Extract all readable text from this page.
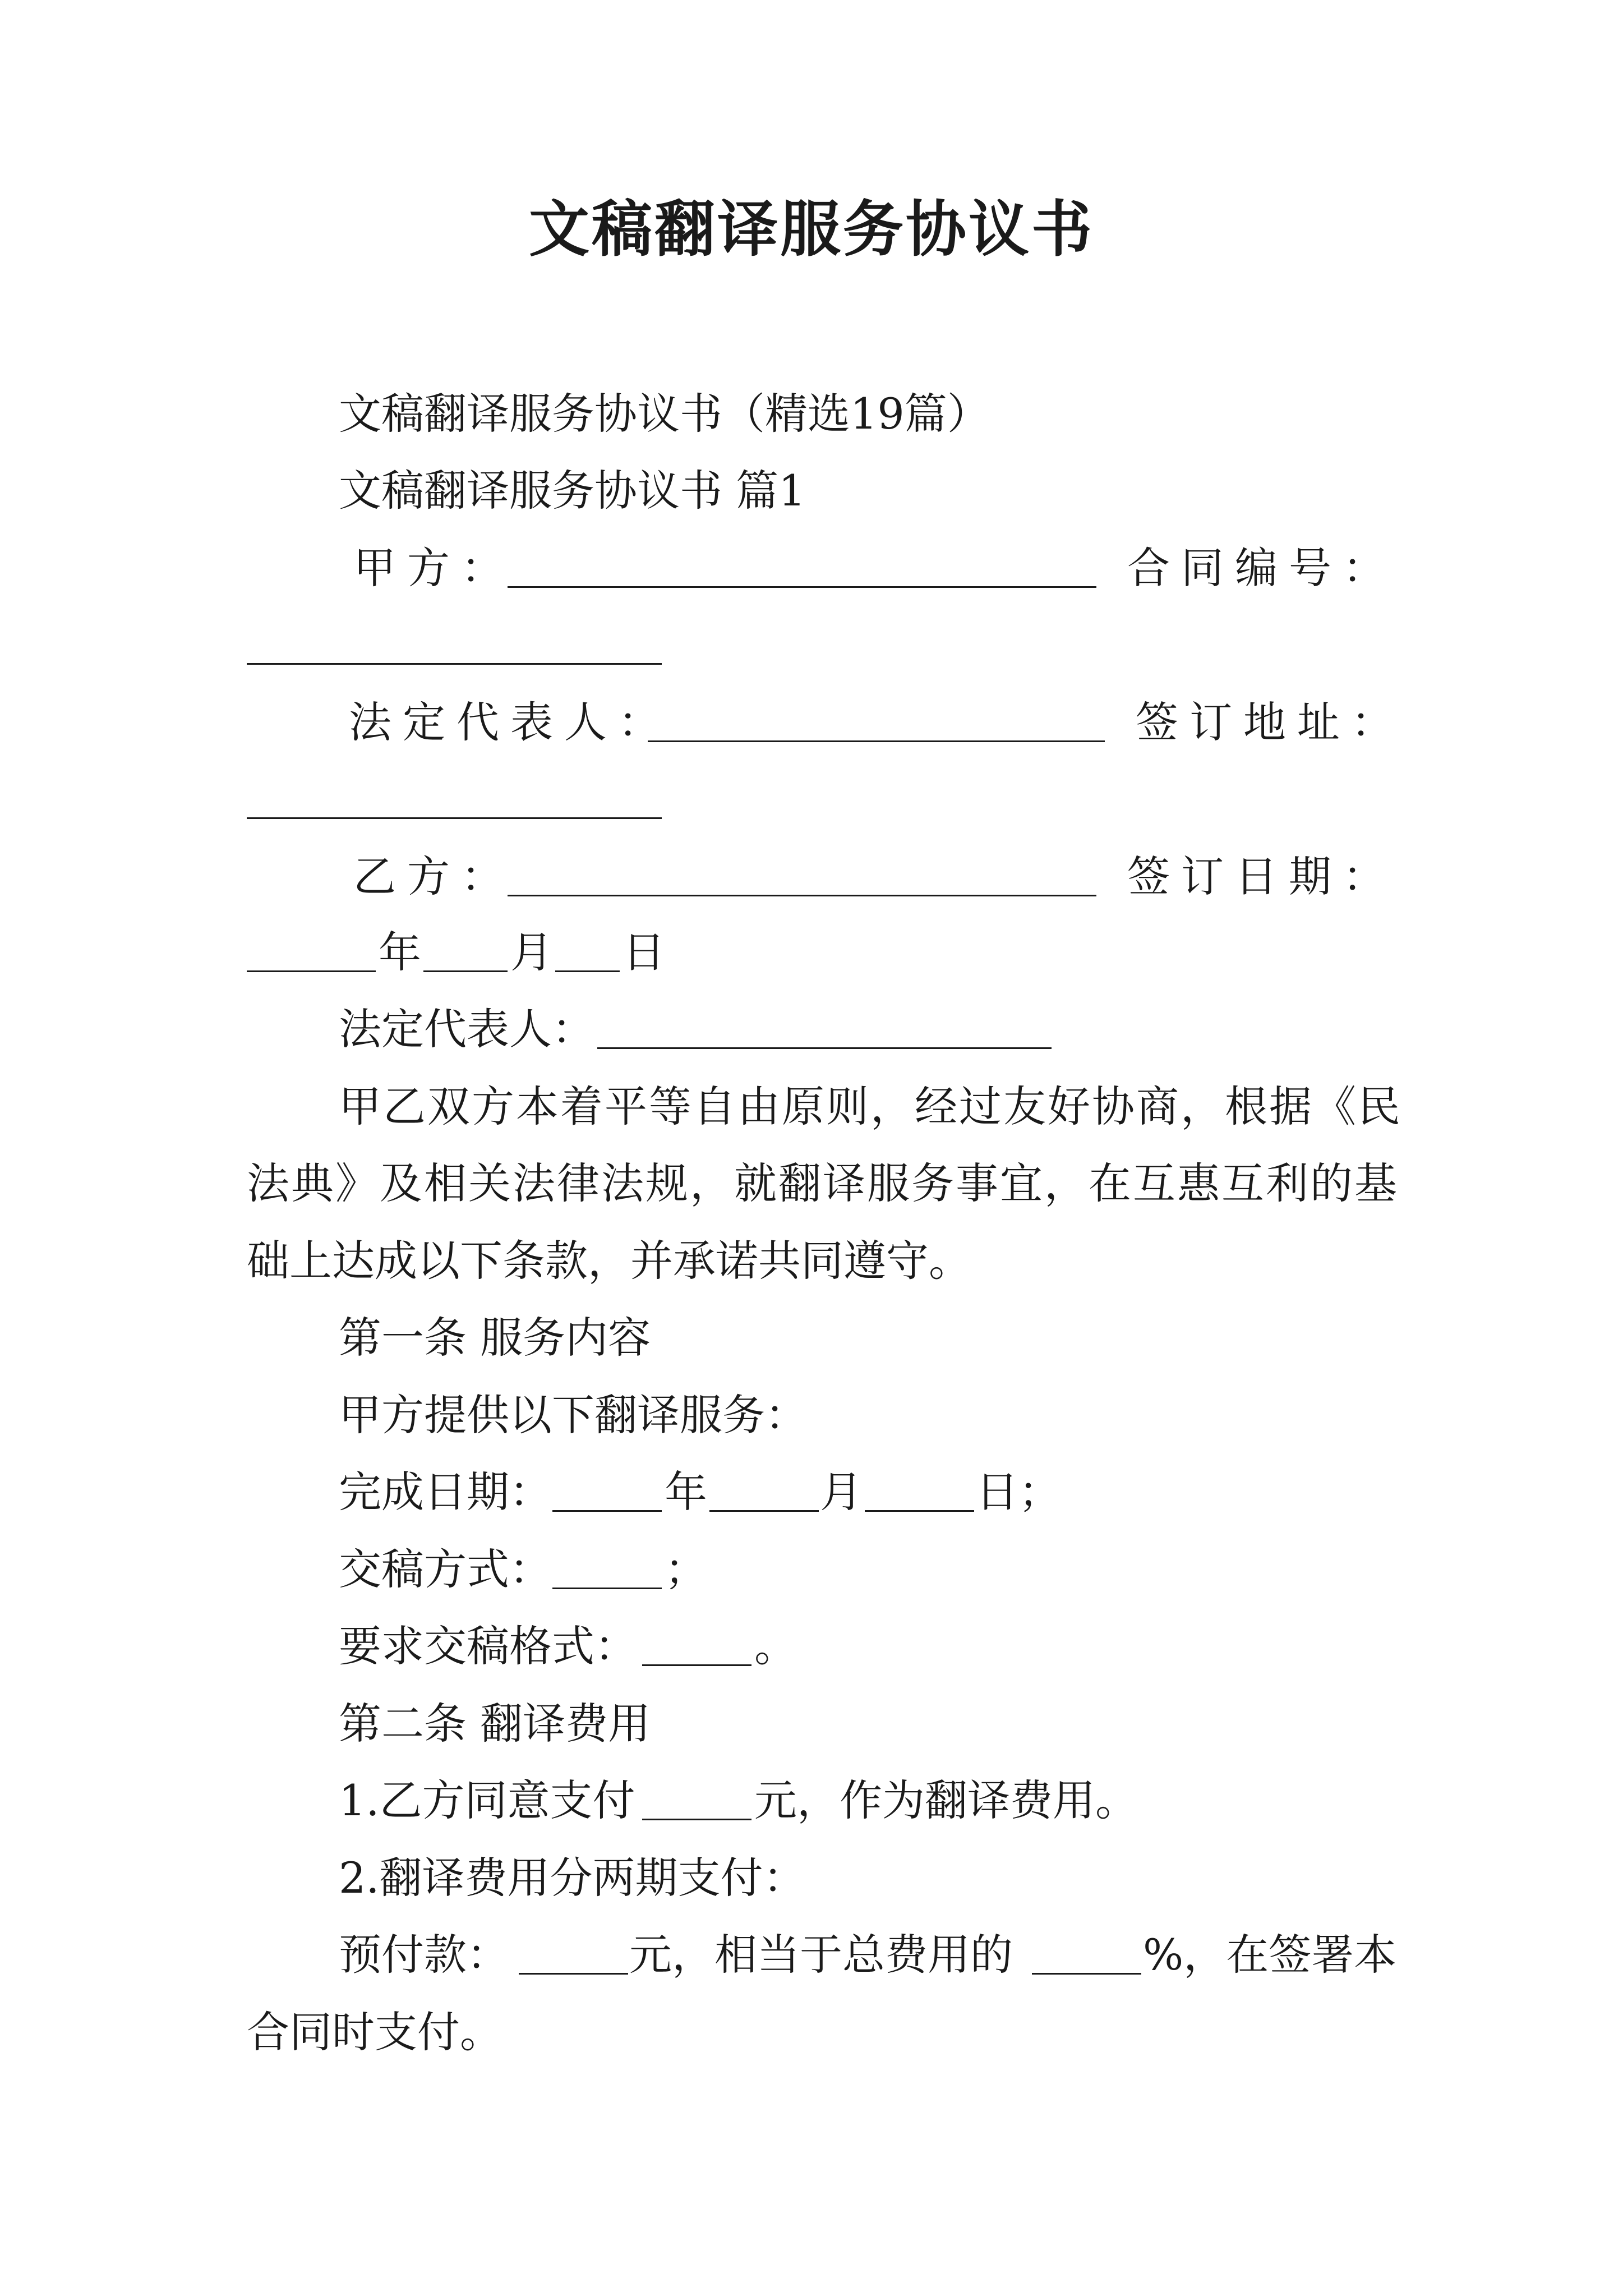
文稿翻译服务协议书
文稿翻译服务协议书（精选19篇）
文稿翻译服务协议书 篇1
甲方：	合同编号：
法定代表人：	签订地址：
乙方：	签订日期：
年 月 日
法定代表人：
甲乙双方本着平等自由原则，经过友好协商，根据《民
法典》及相关法律法规，就翻译服务事宜，在互惠互利的基
础上达成以下条款，并承诺共同遵守。
第一条 服务内容
甲方提供以下翻译服务：
完成日期：	年	月	日；
交稿方式：	；
要求交稿格式：	。
第二条 翻译费用
1.乙方同意支付	元，作为翻译费用。
2.翻译费用分两期支付：
预付款：	元，相当于总费用的	%，在签署本
合同时支付。
